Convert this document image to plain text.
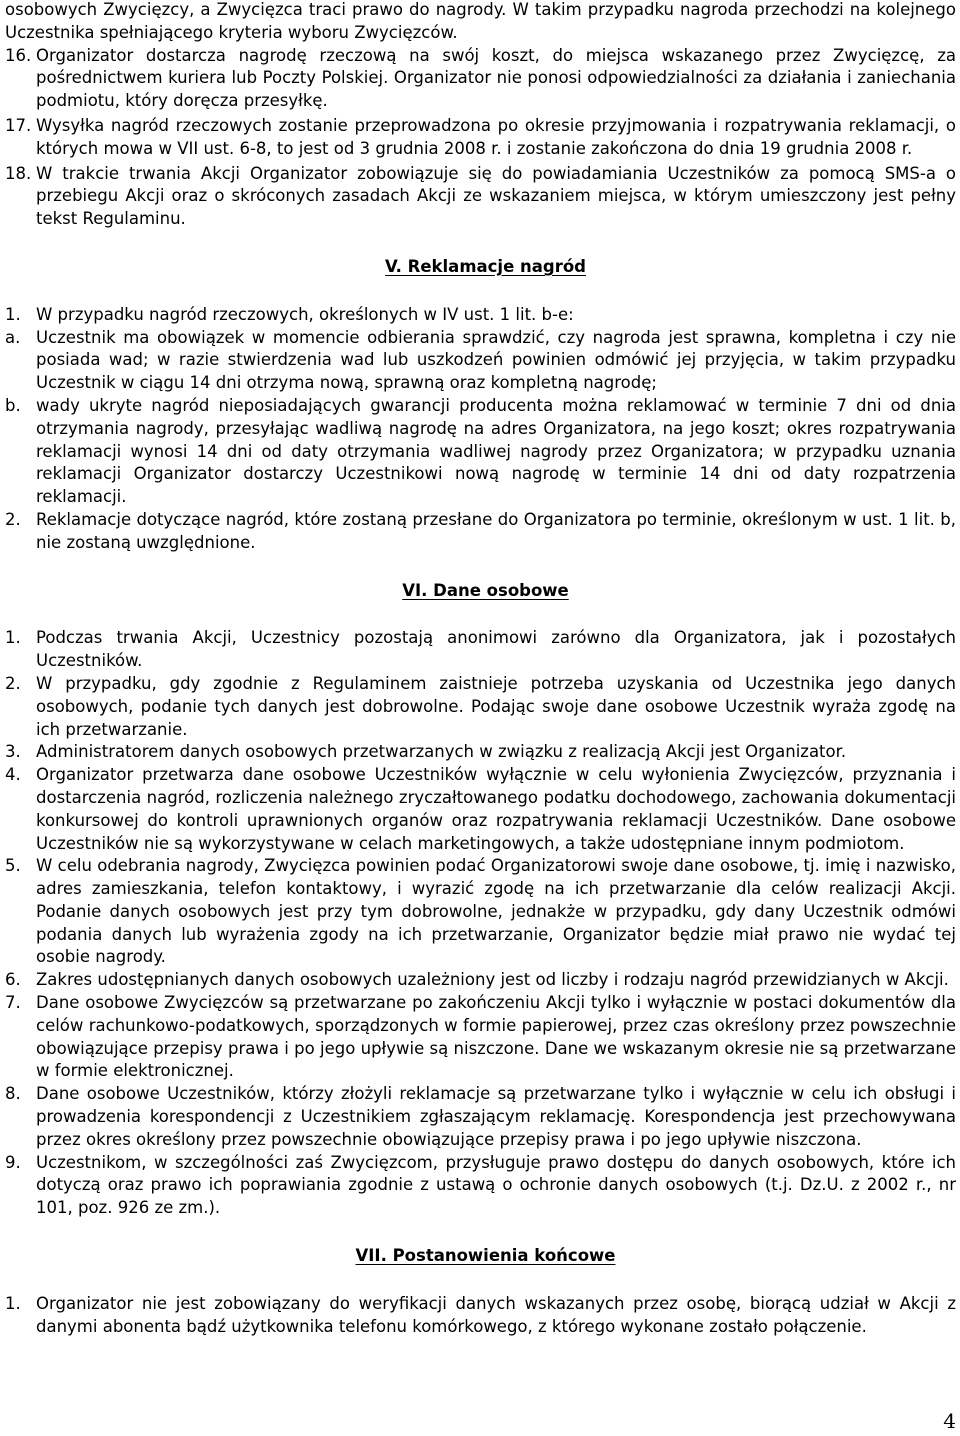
osobowych Zwycięzcy, a Zwycięzca traci prawo do nagrody. W takim przypadku nagroda przechodzi na kolejnego Uczestnika spełniającego kryteria wyboru Zwycięzców.

16. Organizator dostarcza nagrodę rzeczową na swój koszt, do miejsca wskazanego przez Zwycięzcę, za pośrednictwem kuriera lub Poczty Polskiej. Organizator nie ponosi odpowiedzialności za działania i zaniechania podmiotu, który doręcza przesyłkę.
17. Wysyłka nagród rzeczowych zostanie przeprowadzona po okresie przyjmowania i rozpatrywania reklamacji, o których mowa w VII ust. 6-8, to jest od 3 grudnia 2008 r. i zostanie zakończona do dnia 19 grudnia 2008 r.
18. W trakcie trwania Akcji Organizator zobowiązuje się do powiadamiania Uczestników za pomocą SMS-a o przebiegu Akcji oraz o skróconych zasadach Akcji ze wskazaniem miejsca, w którym umieszczony jest pełny tekst Regulaminu.
V. Reklamacje nagród
1. W przypadku nagród rzeczowych, określonych w IV ust. 1 lit. b-e:
a. Uczestnik ma obowiązek w momencie odbierania sprawdzić, czy nagroda jest sprawna, kompletna i czy nie posiada wad; w razie stwierdzenia wad lub uszkodzeń powinien odmówić jej przyjęcia, w takim przypadku Uczestnik w ciągu 14 dni otrzyma nową, sprawną oraz kompletną nagrodę;
b. wady ukryte nagród nieposiadających gwarancji producenta można reklamować w terminie 7 dni od dnia otrzymania nagrody, przesyłając wadliwą nagrodę na adres Organizatora, na jego koszt; okres rozpatrywania reklamacji wynosi 14 dni od daty otrzymania wadliwej nagrody przez Organizatora; w przypadku uznania reklamacji Organizator dostarczy Uczestnikowi nową nagrodę w terminie 14 dni od daty rozpatrzenia reklamacji.
2. Reklamacje dotyczące nagród, które zostaną przesłane do Organizatora po terminie, określonym w ust. 1 lit. b, nie zostaną uwzględnione.
VI. Dane osobowe
1. Podczas trwania Akcji, Uczestnicy pozostają anonimowi zarówno dla Organizatora, jak i pozostałych Uczestników.
2. W przypadku, gdy zgodnie z Regulaminem zaistnieje potrzeba uzyskania od Uczestnika jego danych osobowych, podanie tych danych jest dobrowolne. Podając swoje dane osobowe Uczestnik wyraża zgodę na ich przetwarzanie.
3. Administratorem danych osobowych przetwarzanych w związku z realizacją Akcji jest Organizator.
4. Organizator przetwarza dane osobowe Uczestników wyłącznie w celu wyłonienia Zwycięzców, przyznania i dostarczenia nagród, rozliczenia należnego zryczałtowanego podatku dochodowego, zachowania dokumentacji konkursowej do kontroli uprawnionych organów oraz rozpatrywania reklamacji Uczestników. Dane osobowe Uczestników nie są wykorzystywane w celach marketingowych, a także udostępniane innym podmiotom.
5. W celu odebrania nagrody, Zwycięzca powinien podać Organizatorowi swoje dane osobowe, tj. imię i nazwisko, adres zamieszkania, telefon kontaktowy, i wyrazić zgodę na ich przetwarzanie dla celów realizacji Akcji. Podanie danych osobowych jest przy tym dobrowolne, jednakże w przypadku, gdy dany Uczestnik odmówi podania danych lub wyrażenia zgody na ich przetwarzanie, Organizator będzie miał prawo nie wydać tej osobie nagrody.
6. Zakres udostępnianych danych osobowych uzależniony jest od liczby i rodzaju nagród przewidzianych w Akcji.
7. Dane osobowe Zwycięzców są przetwarzane po zakończeniu Akcji tylko i wyłącznie w postaci dokumentów dla celów rachunkowo-podatkowych, sporządzonych w formie papierowej, przez czas określony przez powszechnie obowiązujące przepisy prawa i po jego upływie są niszczone. Dane we wskazanym okresie nie są przetwarzane w formie elektronicznej.
8. Dane osobowe Uczestników, którzy złożyli reklamacje są przetwarzane tylko i wyłącznie w celu ich obsługi i prowadzenia korespondencji z Uczestnikiem zgłaszającym reklamację. Korespondencja jest przechowywana przez okres określony przez powszechnie obowiązujące przepisy prawa i po jego upływie niszczona.
9. Uczestnikom, w szczególności zaś Zwycięzcom, przysługuje prawo dostępu do danych osobowych, które ich dotyczą oraz prawo ich poprawiania zgodnie z ustawą o ochronie danych osobowych (t.j. Dz.U. z 2002 r., nr 101, poz. 926 ze zm.).
VII. Postanowienia końcowe
1. Organizator nie jest zobowiązany do weryfikacji danych wskazanych przez osobę, biorącą udział w Akcji z danymi abonenta bądź użytkownika telefonu komórkowego, z którego wykonane zostało połączenie.
4
